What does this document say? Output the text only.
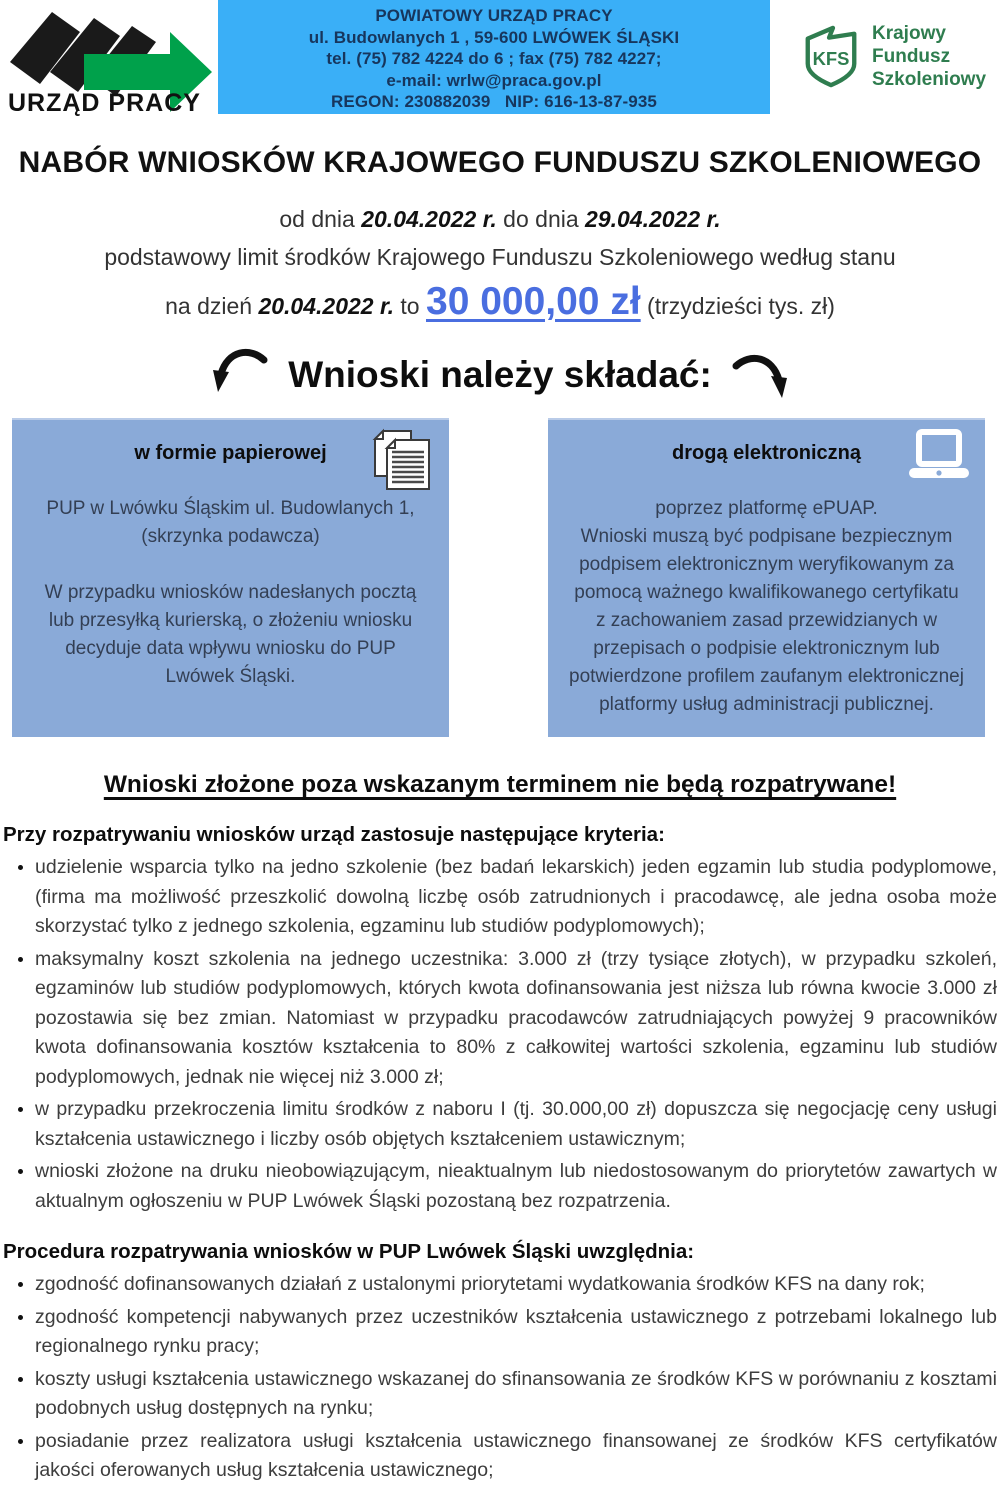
URZĄD PRACY
POWIATOWY URZĄD PRACY
ul. Budowlanych 1 , 59-600 LWÓWEK ŚLĄSKI
tel. (75) 782 4224 do 6 ; fax (75) 782 4227;
e-mail: wrlw@praca.gov.pl
REGON: 230882039   NIP: 616-13-87-935
KFS
Krajowy
Fundusz
Szkoleniowy
NABÓR WNIOSKÓW KRAJOWEGO FUNDUSZU SZKOLENIOWEGO
od dnia 20.04.2022 r. do dnia 29.04.2022 r.
podstawowy limit środków Krajowego Funduszu Szkoleniowego według stanu
na dzień 20.04.2022 r. to 30 000,00 zł (trzydzieści tys. zł)
Wnioski należy składać:
w formie papierowej
PUP w Lwówku Śląskim ul. Budowlanych 1,
(skrzynka podawcza)
W przypadku wniosków nadesłanych pocztą lub przesyłką kurierską, o złożeniu wniosku decyduje data wpływu wniosku do PUP Lwówek Śląski.
drogą elektroniczną
poprzez platformę ePUAP.
Wnioski muszą być podpisane bezpiecznym podpisem elektronicznym weryfikowanym za pomocą ważnego kwalifikowanego certyfikatu z zachowaniem zasad przewidzianych w przepisach o podpisie elektronicznym lub potwierdzone profilem zaufanym elektronicznej platformy usług administracji publicznej.
Wnioski złożone poza wskazanym terminem nie będą rozpatrywane!
Przy rozpatrywaniu wniosków urząd zastosuje następujące kryteria:
• udzielenie wsparcia tylko na jedno szkolenie (bez badań lekarskich) jeden egzamin lub studia podyplomowe, (firma ma możliwość przeszkolić dowolną liczbę osób zatrudnionych i pracodawcę, ale jedna osoba może skorzystać tylko z jednego szkolenia, egzaminu lub studiów podyplomowych);
• maksymalny koszt szkolenia na jednego uczestnika: 3.000 zł (trzy tysiące złotych), w przypadku szkoleń, egzaminów lub studiów podyplomowych, których kwota dofinansowania jest niższa lub równa kwocie 3.000 zł pozostawia się bez zmian. Natomiast w przypadku pracodawców zatrudniających powyżej 9 pracowników kwota dofinansowania kosztów kształcenia to 80% z całkowitej wartości szkolenia, egzaminu lub studiów podyplomowych, jednak nie więcej niż 3.000 zł;
• w przypadku przekroczenia limitu środków z naboru I (tj. 30.000,00 zł) dopuszcza się negocjację ceny usługi kształcenia ustawicznego i liczby osób objętych kształceniem ustawicznym;
• wnioski złożone na druku nieobowiązującym, nieaktualnym lub niedostosowanym do priorytetów zawartych w aktualnym ogłoszeniu w PUP Lwówek Śląski pozostaną bez rozpatrzenia.
Procedura rozpatrywania wniosków w PUP Lwówek Śląski uwzględnia:
• zgodność dofinansowanych działań z ustalonymi priorytetami wydatkowania środków KFS na dany rok;
• zgodność kompetencji nabywanych przez uczestników kształcenia ustawicznego z potrzebami lokalnego lub regionalnego rynku pracy;
• koszty usługi kształcenia ustawicznego wskazanej do sfinansowania ze środków KFS w porównaniu z kosztami podobnych usług dostępnych na rynku;
• posiadanie przez realizatora usługi kształcenia ustawicznego finansowanej ze środków KFS certyfikatów jakości oferowanych usług kształcenia ustawicznego;
